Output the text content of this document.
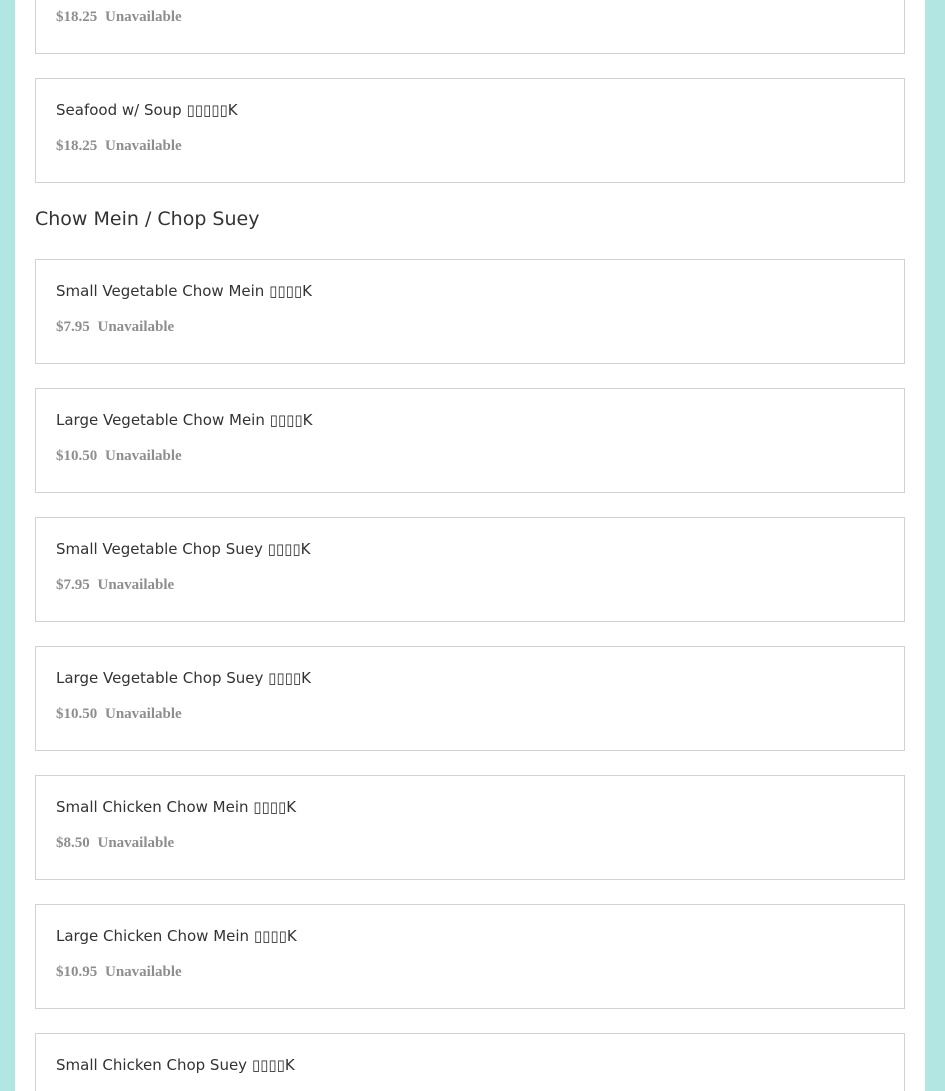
$18.25 Unavailable
Seafood w/ Soup ▯▯▯▯▯K
$18.25 Unavailable
Chow Mein / Chop Suey
Small Vegetable Chow Mein ▯▯▯▯K
$7.95 Unavailable
Large Vegetable Chow Mein ▯▯▯▯K
$10.50 Unavailable
Small Vegetable Chop Suey ▯▯▯▯K
$7.95 Unavailable
Large Vegetable Chop Suey ▯▯▯▯K
$10.50 Unavailable
Small Chicken Chow Mein ▯▯▯▯K
$8.50 Unavailable
Large Chicken Chow Mein ▯▯▯▯K
$10.95 Unavailable
Small Chicken Chop Suey ▯▯▯▯K
